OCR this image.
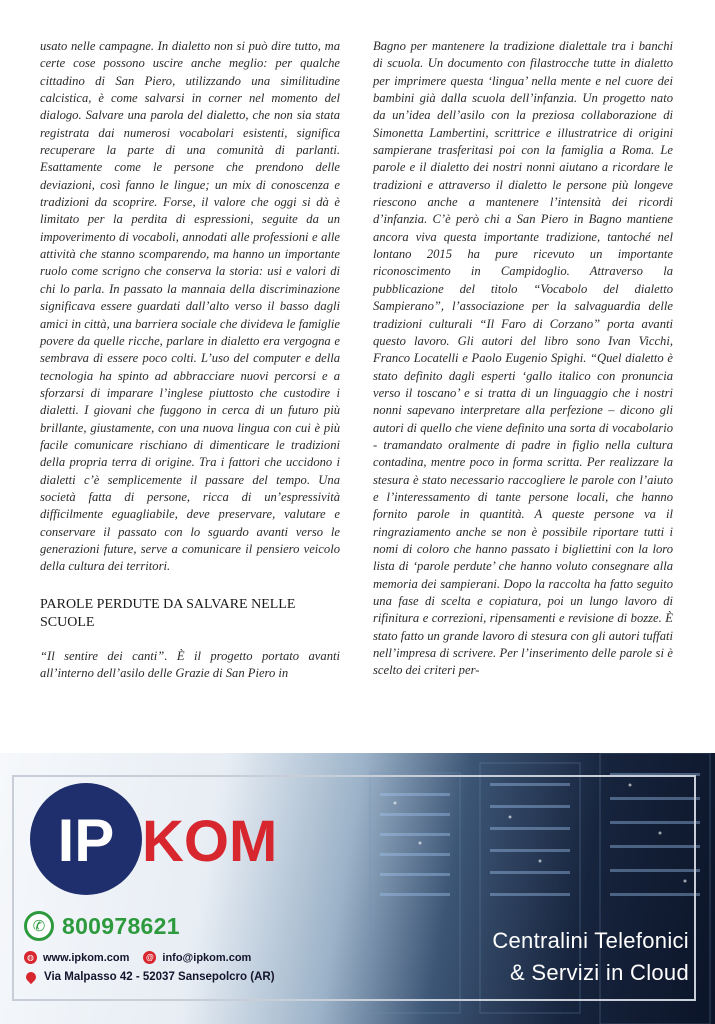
usato nelle campagne. In dialetto non si può dire tutto, ma certe cose possono uscire anche meglio: per qualche cittadino di San Piero, utilizzando una similitudine calcistica, è come salvarsi in corner nel momento del dialogo. Salvare una parola del dialetto, che non sia stata registrata dai numerosi vocabolari esistenti, significa recuperare la parte di una comunità di parlanti. Esattamente come le persone che prendono delle deviazioni, così fanno le lingue; un mix di conoscenza e tradizioni da scoprire. Forse, il valore che oggi si dà è limitato per la perdita di espressioni, seguite da un impoverimento di vocaboli, annodati alle professioni e alle attività che stanno scomparendo, ma hanno un importante ruolo come scrigno che conserva la storia: usi e valori di chi lo parla. In passato la mannaia della discriminazione significava essere guardati dall’alto verso il basso dagli amici in città, una barriera sociale che divideva le famiglie povere da quelle ricche, parlare in dialetto era vergogna e sembrava di essere poco colti. L’uso del computer e della tecnologia ha spinto ad abbracciare nuovi percorsi e a sforzarsi di imparare l’inglese piuttosto che custodire i dialetti. I giovani che fuggono in cerca di un futuro più brillante, giustamente, con una nuova lingua con cui è più facile comunicare rischiano di dimenticare le tradizioni della propria terra di origine. Tra i fattori che uccidono i dialetti c’è semplicemente il passare del tempo. Una società fatta di persone, ricca di un’espressività difficilmente eguagliabile, deve preservare, valutare e conservare il passato con lo sguardo avanti verso le generazioni future, serve a comunicare il pensiero veicolo della cultura dei territori.

PAROLE PERDUTE DA SALVARE NELLE SCUOLE

“Il sentire dei canti”. È il progetto portato avanti all’interno dell’asilo delle Grazie di San Piero in

Bagno per mantenere la tradizione dialettale tra i banchi di scuola. Un documento con filastrocche tutte in dialetto per imprimere questa ‘lingua’ nella mente e nel cuore dei bambini già dalla scuola dell’infanzia. Un progetto nato da un’idea dell’asilo con la preziosa collaborazione di Simonetta Lambertini, scrittrice e illustratrice di origini sampierane trasferitasi poi con la famiglia a Roma. Le parole e il dialetto dei nostri nonni aiutano a ricordare le tradizioni e attraverso il dialetto le persone più longeve riescono anche a mantenere l’intensità dei ricordi d’infanzia. C’è però chi a San Piero in Bagno mantiene ancora viva questa importante tradizione, tantoché nel lontano 2015 ha pure ricevuto un importante riconoscimento in Campidoglio. Attraverso la pubblicazione del titolo “Vocabolo del dialetto Sampierano”, l’associazione per la salvaguardia delle tradizioni culturali “Il Faro di Corzano” porta avanti questo lavoro. Gli autori del libro sono Ivan Vicchi, Franco Locatelli e Paolo Eugenio Spighi. “Quel dialetto è stato definito dagli esperti ‘gallo italico con pronuncia verso il toscano’ e si tratta di un linguaggio che i nostri nonni sapevano interpretare alla perfezione – dicono gli autori di quello che viene definito una sorta di vocabolario - tramandato oralmente di padre in figlio nella cultura contadina, mentre poco in forma scritta. Per realizzare la stesura è stato necessario raccogliere le parole con l’aiuto e l’interessamento di tante persone locali, che hanno fornito parole in quantità. A queste persone va il ringraziamento anche se non è possibile riportare tutti i nomi di coloro che hanno passato i bigliettini con la loro lista di ‘parole perdute’ che hanno voluto consegnare alla memoria dei sampierani. Dopo la raccolta ha fatto seguito una fase di scelta e copiatura, poi un lungo lavoro di rifinitura e correzioni, ripensamenti e revisione di bozze. È stato fatto un grande lavoro di stesura con gli autori tuffati nell’impresa di scrivere. Per l’inserimento delle parole si è scelto dei criteri per-

IP KOM
✆ 800978621
◍ www.ipkom.com	@ info@ipkom.com
Via Malpasso 42 - 52037 Sansepolcro (AR)
Centralini Telefonici
& Servizi in Cloud
